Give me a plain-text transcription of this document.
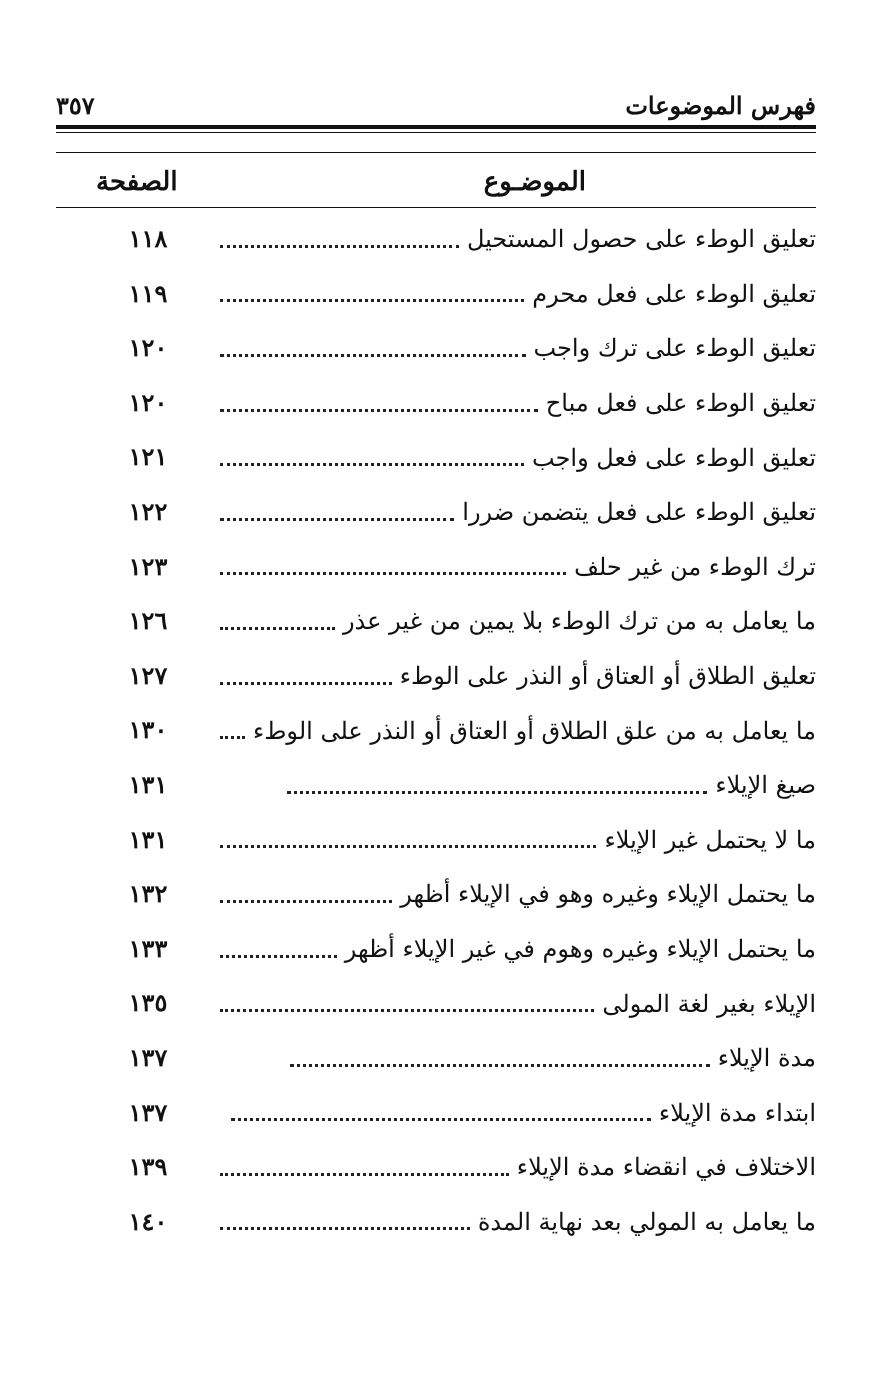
فهرس الموضوعات
٣٥٧
الموضـوع
الصفحة
تعليق الوطء على حصول المستحيل
١١٨
تعليق الوطء على فعل محرم
١١٩
تعليق الوطء على ترك واجب
١٢٠
تعليق الوطء على فعل مباح
١٢٠
تعليق الوطء على فعل واجب
١٢١
تعليق الوطء على فعل يتضمن ضررا
١٢٢
ترك الوطء من غير حلف
١٢٣
ما يعامل به من ترك الوطء بلا يمين من غير عذر
١٢٦
تعليق الطلاق أو العتاق أو النذر على الوطء
١٢٧
ما يعامل به من علق الطلاق أو العتاق أو النذر على الوطء
١٣٠
صيغ الإيلاء
١٣١
ما لا يحتمل غير الإيلاء
١٣١
ما يحتمل الإيلاء وغيره وهو في الإيلاء أظهر
١٣٢
ما يحتمل الإيلاء وغيره وهوم في غير الإيلاء أظهر
١٣٣
الإيلاء بغير لغة المولى
١٣٥
مدة الإيلاء
١٣٧
ابتداء مدة الإيلاء
١٣٧
الاختلاف في انقضاء مدة الإيلاء
١٣٩
ما يعامل به المولي بعد نهاية المدة
١٤٠
